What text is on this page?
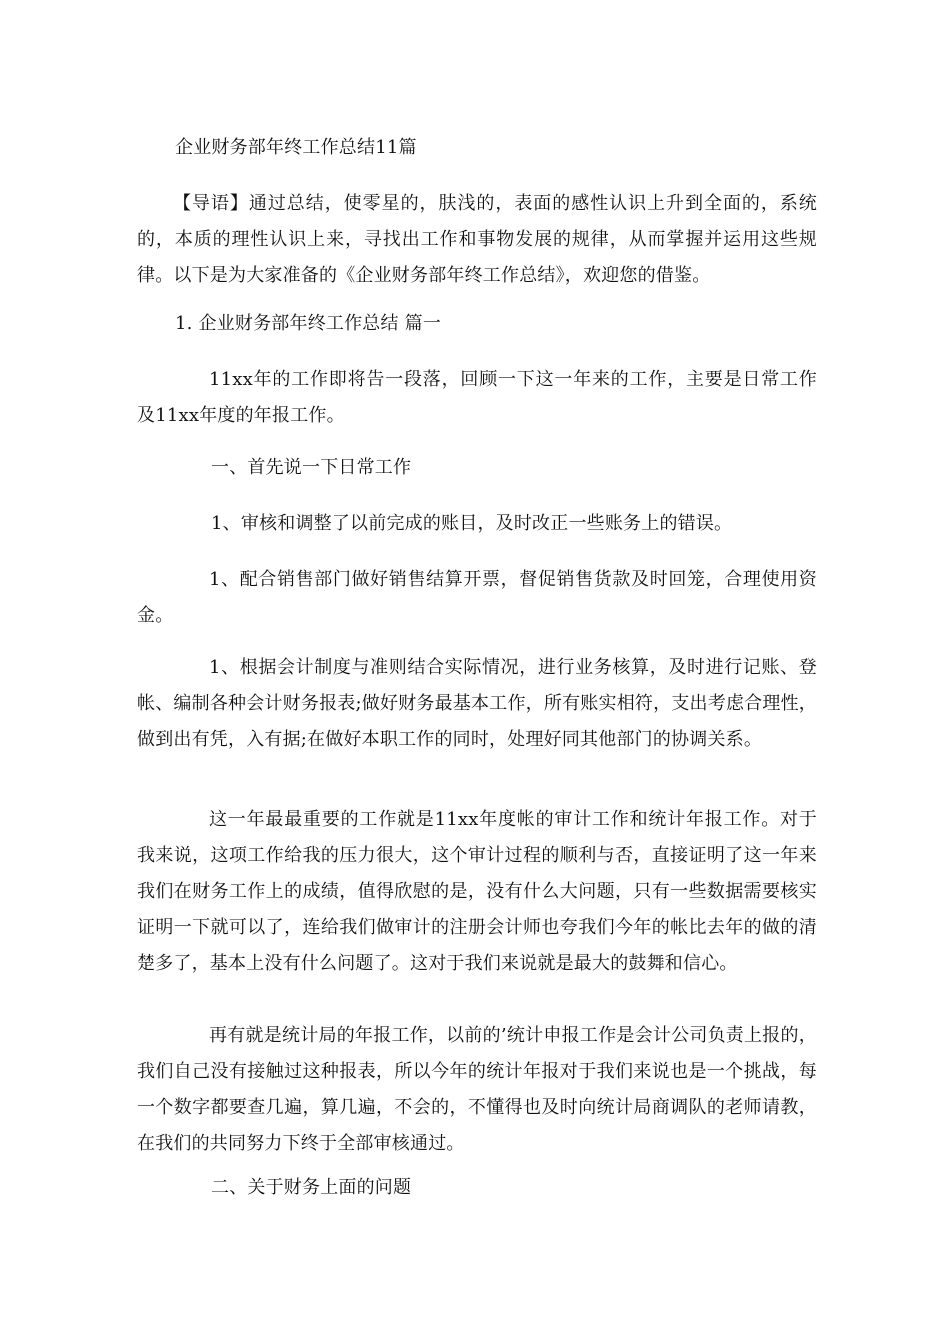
企业财务部年终工作总结11篇
【导语】通过总结，使零星的，肤浅的，表面的感性认识上升到全面的，系统的，本质的理性认识上来，寻找出工作和事物发展的规律，从而掌握并运用这些规律。以下是为大家准备的《企业财务部年终工作总结》，欢迎您的借鉴。
1. 企业财务部年终工作总结 篇一
11xx年的工作即将告一段落，回顾一下这一年来的工作，主要是日常工作及11xx年度的年报工作。
一、首先说一下日常工作
1、审核和调整了以前完成的账目，及时改正一些账务上的错误。
1、配合销售部门做好销售结算开票，督促销售货款及时回笼，合理使用资金。
1、根据会计制度与准则结合实际情况，进行业务核算，及时进行记账、登帐、编制各种会计财务报表;做好财务最基本工作，所有账实相符，支出考虑合理性，做到出有凭，入有据;在做好本职工作的同时，处理好同其他部门的协调关系。
这一年最最重要的工作就是11xx年度帐的审计工作和统计年报工作。对于我来说，这项工作给我的压力很大，这个审计过程的顺利与否，直接证明了这一年来我们在财务工作上的成绩，值得欣慰的是，没有什么大问题，只有一些数据需要核实证明一下就可以了，连给我们做审计的注册会计师也夸我们今年的帐比去年的做的清楚多了，基本上没有什么问题了。这对于我们来说就是最大的鼓舞和信心。
再有就是统计局的年报工作，以前的’统计申报工作是会计公司负责上报的，我们自己没有接触过这种报表，所以今年的统计年报对于我们来说也是一个挑战，每一个数字都要查几遍，算几遍，不会的，不懂得也及时向统计局商调队的老师请教，在我们的共同努力下终于全部审核通过。
二、关于财务上面的问题
